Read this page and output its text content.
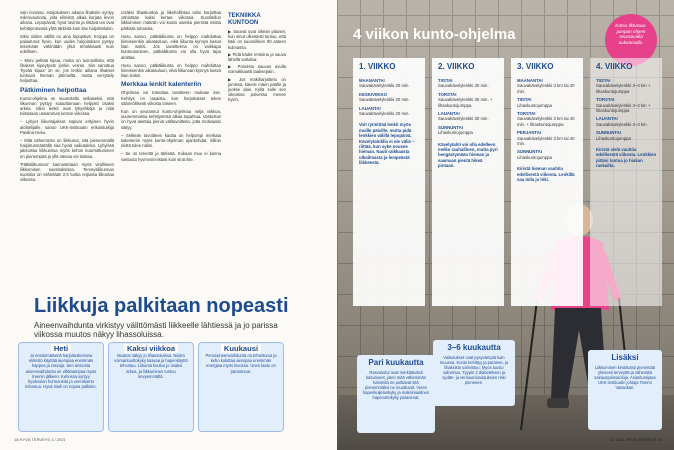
vain levossa. Harjoituksen aikana lihaksiin syntyy mikrovaurioita, joita elimistö alkaa korjata levon aikana. Lepopäivät, hyvä ravinto ja riittävä uni ovat kehittymisessä yhtä tärkeitä kuin itse harjoittelukin.

Siksi niiden välillä on aina lepopäivä. Kroppa on palautunut hyvin, kun uuden harjoituksen pystyy tekemään vähintään yhtä tehokkaasti kuin edellisen.

– Moni pelkää kipua, mutta on luonnollista, että lihakset kipeytyvät jonkin verran. Siis sanottua 'hyvää kipua' on se, jos lenkin aikana lihakset tuntuvat hieman jähmeiltä, mutta verryttely helpottaa.

Pätkiminen helpottaa

Kunto-ohjelma on suunniteltu sellaiseksi, että liikunnan pystyy sulauttamaan helposti osaksi arkea. Siksi lenkit ovat lyhyehköjä ja niitä toistetaan useamman kerran viikossa.

– Lyhyet liikuntajaksot sopivat erityisen hyvin aloittelijalle, sanoo UKK-instituutin erikoistutkija Paulina Husu.

– Mitä vähemmän on liikkunut, sitä pienemmällä harjoitusmäärällä saa hyviä vaikutuksia. Lyhyissä jaksoissa liikkuessa myös kehon kuormittuminen on pienempää ja yllä olevaa voi toistaa.

'Pätkäliikunnan' kannustetaan myös viralliseen liikkumisen suosituksissa. Terveysliikunnan suositus on vähintään 2,5 tuntia reipasta liikuntaa viikossa.

Lisäksi lihaskuntoa ja liikehallintaa tulisi harjoittaa vähintään kaksi kertaa viikossa. Suositellun liikkumisen määrän voi koota useista pienistä osista pätkistä tuhansia.

Husu sanoo, pätkäliikunta on helppo mahduttaa kiireiseenkin aikatauluun, eikä liikunta kynnys kasva liian isoksi. Jos tavoitteena on vaikkapa kuntoutuminen, pätkäliikunta voi olla hyvä tapa aloittaa.

Husu sanoo, pätkäliikunta on helppo mahduttaa kiireiseenkin aikatauluun, eikä liikunnan kynnys kasva liian isoksi.

Merkkaa lenkit kalenteriin

Ohjelmaa voi toteuttaa tavoitteen mukaan itse. Kehitys on tasaista, kun harjoitukset tekee säännöllisesti viikosta toiseen.

Kun on seurannut kunto-ohjelmaa neljä viikkoa, suuremmassa kehittymistä alkaa tapahtua. Vastustus on hyvä asettaa pieniä välitavoitteita, jotta motivaatio säilyy.

– Selkeän tavoitteen kautta on helpompi merkata kalenteriin myös kunto-ohjelman ajankohdat. Silloin niistä tulee rutiini.

– Se on tervettä ja tärkeää. Kukaan muu ei kanna vastuuta hyvinvoinnistasi kuin sinä itse.

TEKNIIKKA KUNTOON
▶ Sauvat ovat oikean pituiset, kun sinut ulkoisesti tuntuu, että käsi on suunnilleen 90 asteen kulmassa.
▶ Pidä kädet rentoina ja sauva lähellä vartaloa.
▶ Ponnista sauvan avulla voimakkaasti taaksepäin.
▶ Jos mäkiharjoittelu on jumissa, kävele mäen päälle ja juokse alas. Kyllä sulle sen oikeassa polvessa menee hyvin.
Liikkuja palkitaan nopeasti
Aineenvaihdunta virkistyy välittömästi liikkeelle lähtiessä ja jo parissa viikossa muutos näkyy lihassoluissa.
Heti
Jo ensimmäisenä harjoituskerrana elimistö käyttää aiempaa enemmän happea ja rasvoja. Sen ansiosta aineenvaihdunta on vilkkaampaa myös treenin jälkeen. Kehossa syntyy hyvänolon hormoneita ja verenkierto tehostuu. Hyvä mieli on nopea palkinto.
Kaksi viikkoa
Muutos näkyy jo lihassoluissa. Niiden voimantuottokyky kasvaa ja hapenkäyttö tehostuu. Liikunta kuuluu jo osaksi arkea, ja liikkuminen tuntuu kevyemmältä.
Kuukausi
Perusaineenvaihdunta on tehostunut ja keho kuluttaa aiempaa enemmän energiaa myös levossa. Unen laatu on parantunut.
18 HYVÄ TERVEYS 3 / 2021
4 viikon kunto-ohjelma
Katso Ilkkasaa-jumpan ohjeet seuraavalla aukeamalla.
1. VIIKKO
MAANANTAI
Sauvakävelylenkki 20 min.
KESKIVIIKKO
Sauvakävelylenkki 20 min.
LAUANTAI
Sauvakävelylenkki 20 min.
Voit rytmittää lenkit myös muille päiville, mutta pidä lenkkien välillä lepopäivä. Kävelytahdilla ei ole väliä – riittää, kun syke nousee hieman. Nauti raikkaasta ulkoilmasta ja lempeästä liikkeestä.
2. VIIKKO
TIISTAI
Sauvakävelylenkki 30 min.
TORSTAI
Sauvakävelylenkki 30 min. + lihaskuntojumppa
LAUANTAI
Sauvakävelylenkki 30 min.
SUNNUNTAI
Lihaskuntojumppa
Kävelytahti voi olla edelleen melko rauhallinen, mutta pyri hengästymään hieman ja saamaan pientä hikeä pintaan.
3. VIIKKO
MAANANTAI
Sauvakävelylenkki 3 km tai 40 min.
TIISTAI
Lihaskuntojumppa
TORSTAI
Sauvakävelylenkki 3 km tai 40 min. + lihaskuntojumppa
PERJANTAI
Sauvakävelylenkki 3 km tai 40 min.
SUNNUNTAI
Lihaskuntojumppa
Kiristä hieman vauhtia edellisestä viikosta. Lenkillä saa tulla jo hiki.
4. VIIKKO
TIISTAI
Sauvakävelylenkki 3–4 km + lihaskuntojumppa
TORSTAI
Sauvakävelylenkki 3–4 km + lihaskuntojumppa
LAUANTAI
Sauvakävelylenkki 3–4 km
SUNNUNTAI
Lihaskuntojumppa
Kiristä vielä vauhtia edellisestä viikosta. Lenkkien pitäisi tuntua jo hiukan raskailta.
Pari kuukautta
Rasvasolut ovat merkittävästi kasvaneet, joten mitä vähemmän kaloreita ne polttavat sitä pienemmäksi ne muuttuvat. Veren hapenkuljetuskyky ja maksimaalinen hapenottokyky paranevat.
3–6 kuukautta
Vaikutukset ovat pysyvämpiä kuin muussa. Kunto kehittyy ja paranee, ja lihaksisto vahvistuu. Myös luusto vahvistuu. Tyypin 2 diabeteksen ja sydän- ja verisuonisairauksien riski pienenee.
Lisäksi
Liikkuminen kestävästi pienentää yleisesti terveyttä ja vähentää sairauspoissaoloja. Asiantuntijana UKK-instituutin johtaja Tommi Vasankari.
3 / 2021 HYVÄ TERVEYS 19
